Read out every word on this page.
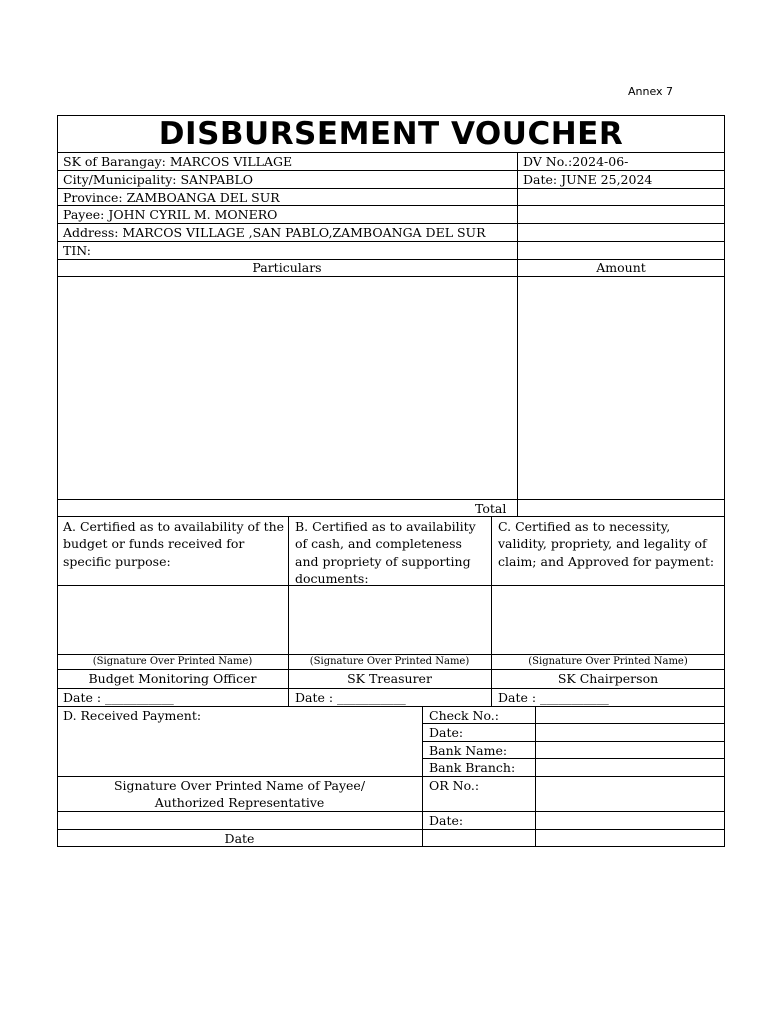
Annex 7
DISBURSEMENT VOUCHER
SK of Barangay: MARCOS VILLAGE
City/Municipality: SANPABLO
Province: ZAMBOANGA DEL SUR
Payee: JOHN CYRIL M. MONERO
Address: MARCOS VILLAGE ,SAN PABLO,ZAMBOANGA DEL SUR
TIN:
DV No.:2024-06-
Date: JUNE 25,2024
Particulars	Amount
Total
A. Certified as to availability of the budget or funds received for specific purpose:
B. Certified as to availability of cash, and completeness and propriety of supporting documents:
C. Certified as to necessity, validity, propriety, and legality of claim; and Approved for payment:
(Signature Over Printed Name)	(Signature Over Printed Name)	(Signature Over Printed Name)
Budget Monitoring Officer	SK Treasurer	SK Chairperson
Date : ___________	Date : ___________	Date : ___________
D. Received Payment:	Check No.:
Date:
Bank Name:
Bank Branch:
OR No.:
Date:
Signature Over Printed Name of Payee/
Authorized Representative
Date
